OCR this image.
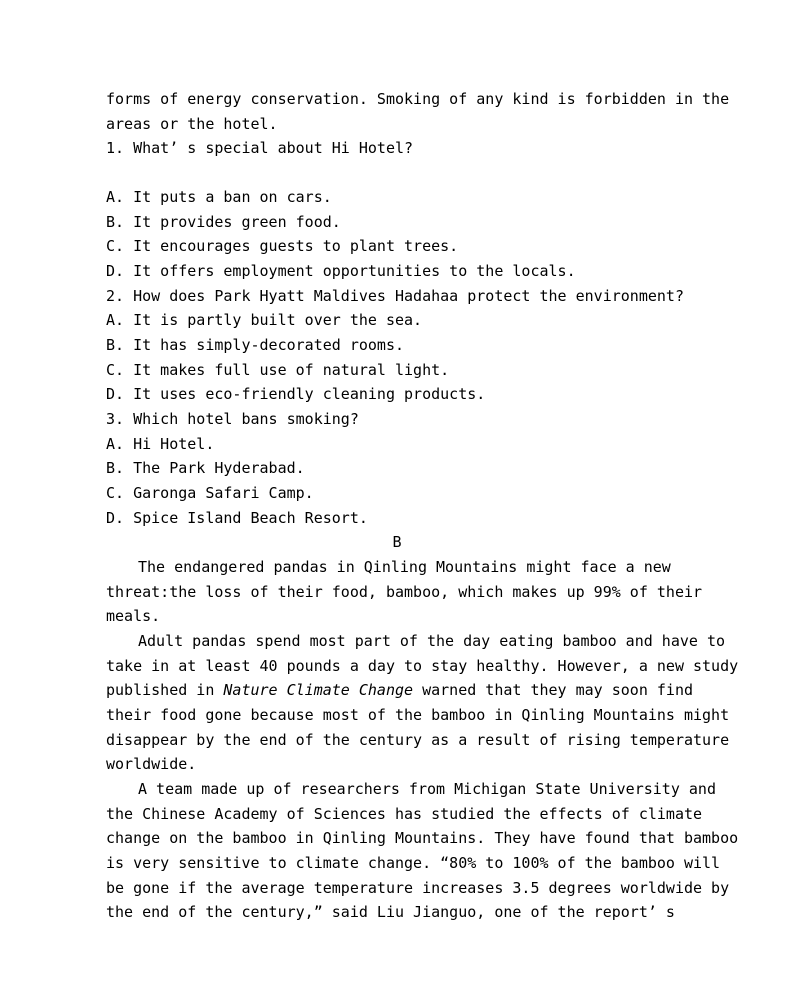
forms of energy conservation. Smoking of any kind is forbidden in the
areas or the hotel.
1. What’ s special about Hi Hotel?
A. It puts a ban on cars.
B. It provides green food.
C. It encourages guests to plant trees.
D. It offers employment opportunities to the locals.
2. How does Park Hyatt Maldives Hadahaa protect the environment?
A. It is partly built over the sea.
B. It has simply-decorated rooms.
C. It makes full use of natural light.
D. It uses eco-friendly cleaning products.
3. Which hotel bans smoking?
A. Hi Hotel.
B. The Park Hyderabad.
C. Garonga Safari Camp.
D. Spice Island Beach Resort.
B
The endangered pandas in Qinling Mountains might face a new
threat:the loss of their food, bamboo, which makes up 99% of their
meals.
Adult pandas spend most part of the day eating bamboo and have to
take in at least 40 pounds a day to stay healthy. However, a new study
published in Nature Climate Change warned that they may soon find
their food gone because most of the bamboo in Qinling Mountains might
disappear by the end of the century as a result of rising temperature
worldwide.
A team made up of researchers from Michigan State University and
the Chinese Academy of Sciences has studied the effects of climate
change on the bamboo in Qinling Mountains. They have found that bamboo
is very sensitive to climate change. “80% to 100% of the bamboo will
be gone if the average temperature increases 3.5 degrees worldwide by
the end of the century,” said Liu Jianguo, one of the report’ s
